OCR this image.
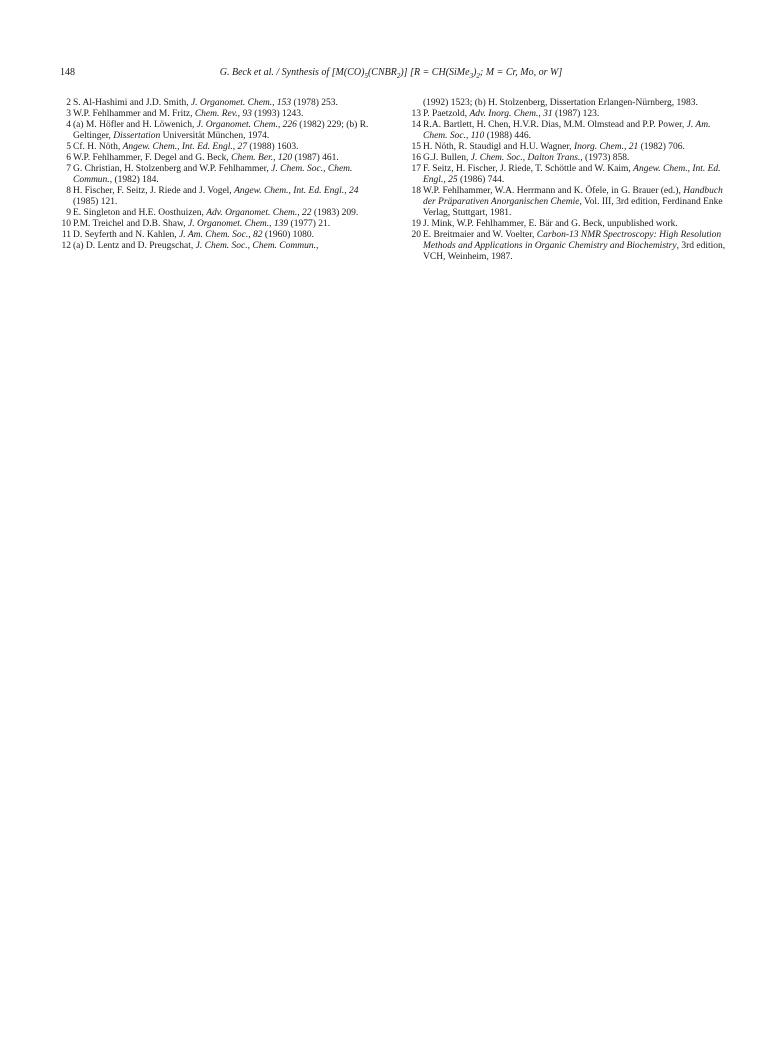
148	G. Beck et al. / Synthesis of $[M(CO)_5(CNBR_2)] [R$ = $CH(SiMe_3)_2$; M = Cr, Mo, or W]

2 S. Al-Hashimi and J.D. Smith, J. Organomet. Chem., 153 (1978) 253.

3 W.P. Fehlhammer and M. Fritz, Chem. Rev., 93 (1993) 1243.

4 (a) M. Höfler and H. Löwenich, J. Organomet. Chem., 226 (1982) 229; (b) R. Geltinger, Dissertation Universität München, 1974.

5 Cf. H. Nöth, Angew. Chem., Int. Ed. Engl., 27 (1988) 1603.

6 W.P. Fehlhammer, F. Degel and G. Beck, Chem. Ber., 120 (1987) 461.

7 G. Christian, H. Stolzenberg and W.P. Fehlhammer, J. Chem. Soc., Chem. Commun., (1982) 184.

8 H. Fischer, F. Seitz, J. Riede and J. Vogel, Angew. Chem., Int. Ed. Engl., 24 (1985) 121.

9 E. Singleton and H.E. Oosthuizen, Adv. Organomet. Chem., 22 (1983) 209.

10 P.M. Treichel and D.B. Shaw, J. Organomet. Chem., 139 (1977) 21.

11 D. Seyferth and N. Kahlen, J. Am. Chem. Soc., 82 (1960) 1080.

12 (a) D. Lentz and D. Preugschat, J. Chem. Soc., Chem. Commun.,

(1992) 1523; (b) H. Stolzenberg, Dissertation Erlangen-Nürnberg, 1983.

13 P. Paetzold, Adv. Inorg. Chem., 31 (1987) 123.

14 R.A. Bartlett, H. Chen, H.V.R. Dias, M.M. Olmstead and P.P. Power, J. Am. Chem. Soc., 110 (1988) 446.

15 H. Nöth, R. Staudigl and H.U. Wagner, Inorg. Chem., 21 (1982) 706.

16 G.J. Bullen, J. Chem. Soc., Dalton Trans., (1973) 858.

17 F. Seitz, H. Fischer, J. Riede, T. Schöttle and W. Kaim, Angew. Chem., Int. Ed. Engl., 25 (1986) 744.

18 W.P. Fehlhammer, W.A. Herrmann and K. Öfele, in G. Brauer (ed.), Handbuch der Präparativen Anorganischen Chemie, Vol. III, 3rd edition, Ferdinand Enke Verlag, Stuttgart, 1981.

19 J. Mink, W.P. Fehlhammer, E. Bär and G. Beck, unpublished work.

20 E. Breitmaier and W. Voelter, Carbon-13 NMR Spectroscopy: High Resolution Methods and Applications in Organic Chemistry and Biochemistry, 3rd edition, VCH, Weinheim, 1987.
